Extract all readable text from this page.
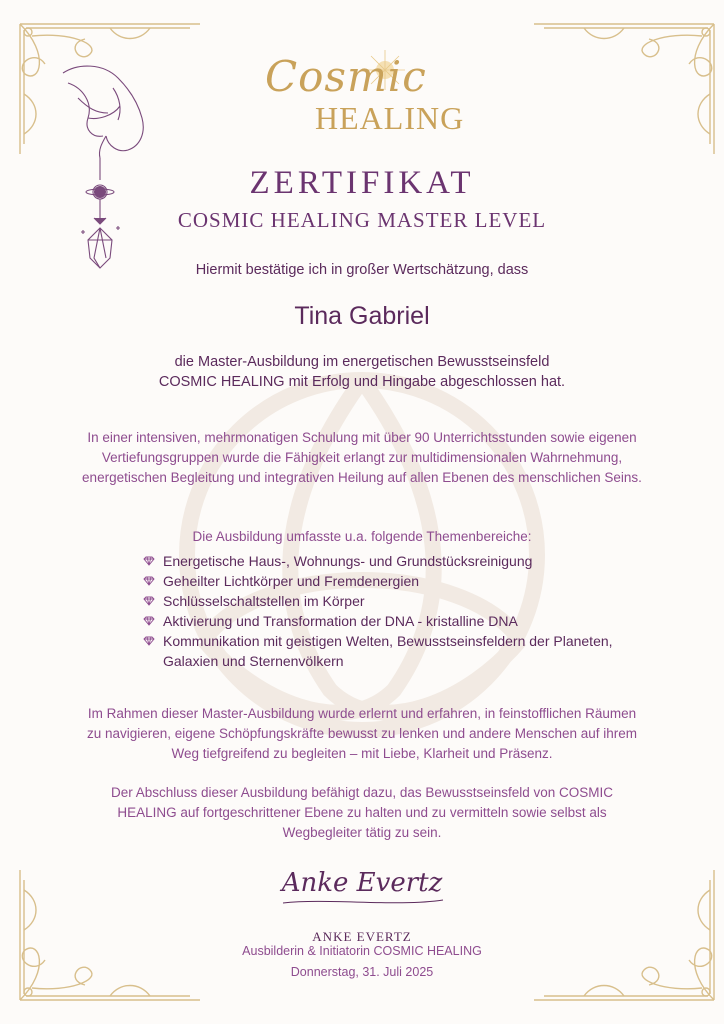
Cosmic
HEALING
ZERTIFIKAT
COSMIC HEALING MASTER LEVEL
Hiermit bestätige ich in großer Wertschätzung, dass
Tina Gabriel
die Master-Ausbildung im energetischen Bewusstseinsfeld
COSMIC HEALING mit Erfolg und Hingabe abgeschlossen hat.
In einer intensiven, mehrmonatigen Schulung mit über 90 Unterrichtsstunden sowie eigenen Vertiefungsgruppen wurde die Fähigkeit erlangt zur multidimensionalen Wahrnehmung, energetischen Begleitung und integrativen Heilung auf allen Ebenen des menschlichen Seins.
Die Ausbildung umfasste u.a. folgende Themenbereiche:
Energetische Haus-, Wohnungs- und Grundstücksreinigung
Geheilter Lichtkörper und Fremdenergien
Schlüsselschaltstellen im Körper
Aktivierung und Transformation der DNA - kristalline DNA
Kommunikation mit geistigen Welten, Bewusstseinsfeldern der Planeten, Galaxien und Sternenvölkern
Im Rahmen dieser Master-Ausbildung wurde erlernt und erfahren, in feinstofflichen Räumen zu navigieren, eigene Schöpfungskräfte bewusst zu lenken und andere Menschen auf ihrem Weg tiefgreifend zu begleiten – mit Liebe, Klarheit und Präsenz.
Der Abschluss dieser Ausbildung befähigt dazu, das Bewusstseinsfeld von COSMIC HEALING auf fortgeschrittener Ebene zu halten und zu vermitteln sowie selbst als Wegbegleiter tätig zu sein.
Anke Evertz
ANKE EVERTZ
Ausbilderin & Initiatorin COSMIC HEALING
Donnerstag, 31. Juli 2025
